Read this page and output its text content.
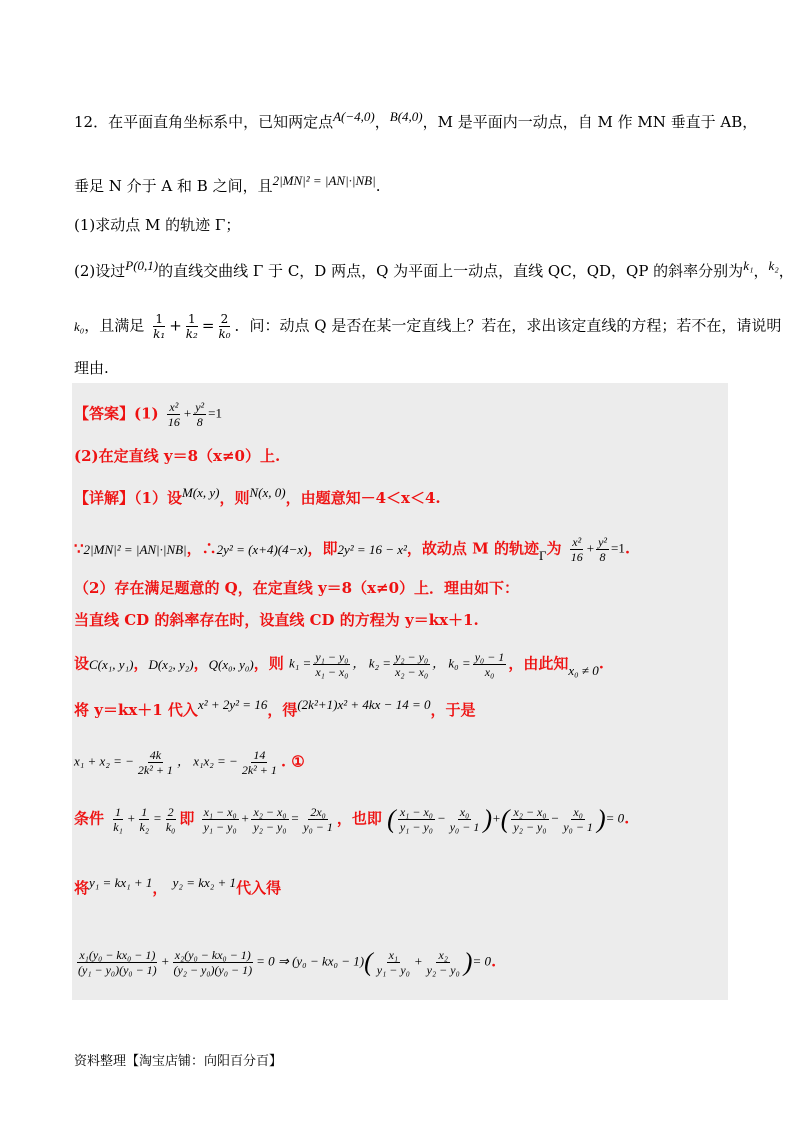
12．在平面直角坐标系中，已知两定点A(−4,0)，B(4,0)，M 是平面内一动点，自 M 作 MN 垂直于 AB，
垂足 N 介于 A 和 B 之间，且2|MN|² = |AN|·|NB|.
(1)求动点 M 的轨迹 Γ；
(2)设过P(0,1)的直线交曲线 Γ 于 C，D 两点，Q 为平面上一动点，直线 QC，QD，QP 的斜率分别为k₁，k₂，
k₀，且满足 $\frac{1}{\text{k₁}} + \frac{1}{\text{k₂}} = \frac{2}{\text{k₀}}$ ．问：动点 Q 是否在某一定直线上？若在，求出该定直线的方程；若不在，请说明
理由.
【答案】$(1) \frac{\text{x²}}{16} + \frac{\text{y²}}{8} =1$
(2)在定直线 y＝8（x≠0）上.
【详解】（1）设M(x, y)，则N(x, 0)，由题意知－4＜x＜4.
∵2|MN|² = |AN|·|NB|，∴2y² = (x+4)(4−x)，即2y² = 16 − x²，故动点 M 的轨迹Γ为 $\frac{\text{x²}}{16} + \frac{\text{y²}}{8} =1$.
（2）存在满足题意的 Q，在定直线 y＝8（x≠0）上．理由如下：
当直线 CD 的斜率存在时，设直线 CD 的方程为 y＝kx＋1.
设C(x₁, y₁)，D(x₂, y₂)，Q(x₀, y₀)，则 $k_1 = \frac{\text{y₁ − y₀}}{\text{x₁ − x₀}}$ ， $k_2 = \frac{\text{y₂ − y₀}}{\text{x₂ − x₀}}$ ， $k_0 = \frac{\text{y₀ − 1}}{\text{x₀}}$ ，由此知x₀ ≠ 0.
将 y＝kx＋1 代入x² + 2y² = 16，得(2k²+1)x² + 4kx − 14 = 0，于是
x₁ + x₂ = − $\frac{4k}{\text{2k² + 1}}$ ， x₁x₂ = − $\frac{14}{\text{2k² + 1}}$ . ①
条件 $\frac{1}{\text{k₁}} + \frac{1}{\text{k₂}} = \frac{2}{\text{k₀}}$ 即 $\frac{\text{x₁ − x₀}}{\text{y₁ − y₀}} + \frac{\text{x₂ − x₀}}{\text{y₂ − y₀}} = \frac{\text{2x₀}}{\text{y₀ − 1}}$ ，也即 ( $\frac{\text{x₁ − x₀}}{\text{y₁ − y₀}} - \frac{\text{x₀}}{\text{y₀ − 1}}$ )+( $\frac{\text{x₂ − x₀}}{\text{y₂ − y₀}} - \frac{\text{x₀}}{\text{y₀ − 1}}$ )= 0.
将y₁ = kx₁ + 1， y₂ = kx₂ + 1代入得
$\frac{\text{x₁(y₀ − kx₀ − 1)}}{\text{(y₁ − y₀)(y₀ − 1)}} + \frac{\text{x₂(y₀ − kx₀ − 1)}}{\text{(y₂ − y₀)(y₀ − 1)}} = 0$ ⇒ $(y_0 - kx_0 - 1)( \frac{\text{x₁}}{\text{y₁ − y₀}} + \frac{\text{x₂}}{\text{y₂ − y₀}}$ )= 0.
资料整理【淘宝店铺：向阳百分百】
